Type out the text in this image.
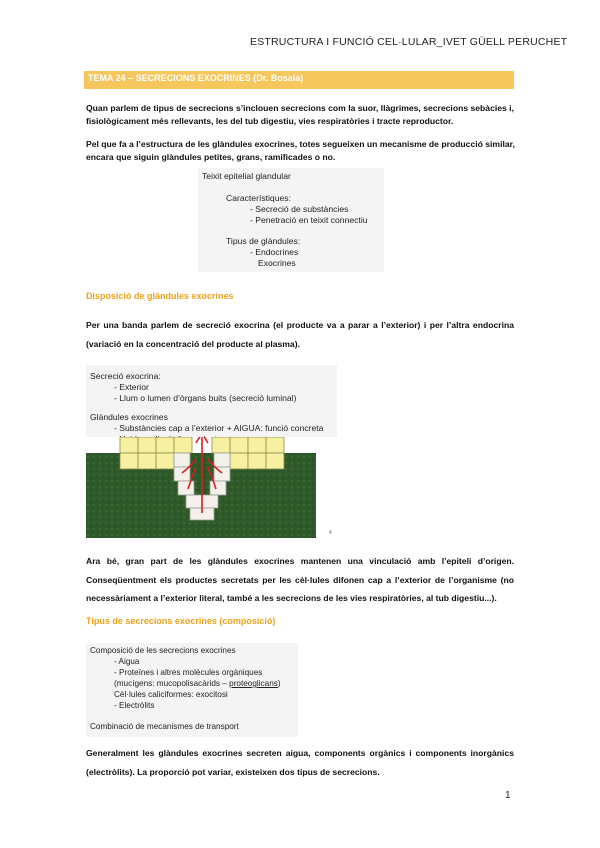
ESTRUCTURA I FUNCIÓ CEL·LULAR_IVET GÜELL PERUCHET
TEMA 24 – SECRECIONS EXOCRINES (Dr. Bosala)
Quan parlem de tipus de secrecions s’inclouen secrecions com la suor, llàgrimes, secrecions sebàcies i, fisiològicament més rellevants, les del tub digestiu, vies respiratòries i tracte reproductor.
Pel que fa a l’estructura de les glàndules exocrines, totes segueixen un mecanisme de producció similar, encara que siguin glàndules petites, grans, ramificades o no.
Teixit epitelial glandular
Característiques:
- Secreció de substàncies
- Penetració en teixit connectiu
Tipus de glàndules:
- Endocrines
Exocrines
Disposició de glàndules exocrines
Per una banda parlem de secreció exocrina (el producte va a parar a l’exterior) i per l’altra endocrina (variació en la concentració del producte al plasma).
Secreció exocrina:
- Exterior
- Llum o lumen d’òrgans buits (secreció luminal)
Glàndules exocrines
- Substàncies cap a l’exterior + AIGUA: funció concreta
4
Ara bé, gran part de les glàndules exocrines mantenen una vinculació amb l’epiteli d’origen. Conseqüentment els productes secretats per les cèl·lules difonen cap a l’exterior de l’organisme (no necessàriament a l’exterior literal, també a les secrecions de les vies respiratòries, al tub digestiu...).
Tipus de secrecions exocrines (composició)
Composició de les secrecions exocrines
- Aigua
- Proteïnes i altres molècules orgàniques
(mucígens: mucopolisacàrids – proteoglicans)
Cèl·lules caliciformes: exocitosi
- Electròlits
Combinació de mecanismes de transport
Generalment les glàndules exocrines secreten aigua, components orgànics i components inorgànics (electròlits). La proporció pot variar, existeixen dos tipus de secrecions.
1
